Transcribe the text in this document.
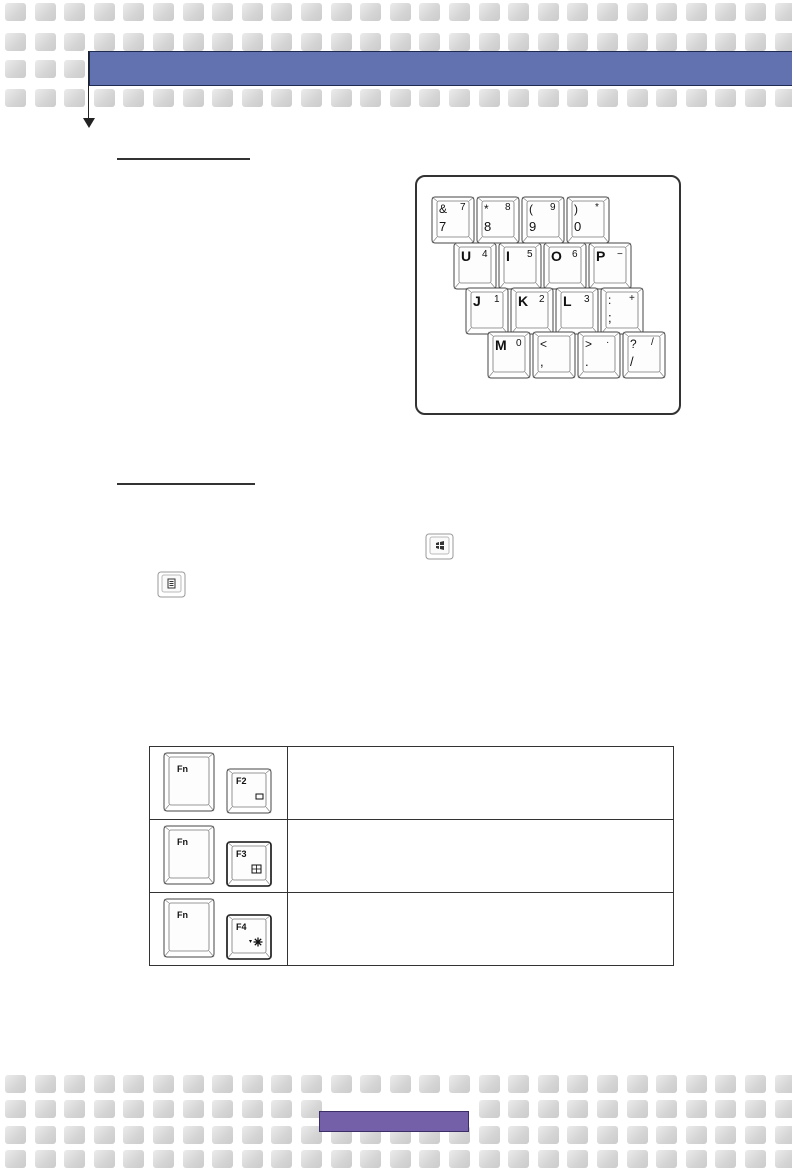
& 7
7
* 8
8
( 9
9
) *
0
U 4 I 5 O 6 P −
J 1 K 2 L 3 : +
;
M 0 <
,
> ·
.
? /
/
Fn
F2
Fn
F3
Fn
F4
